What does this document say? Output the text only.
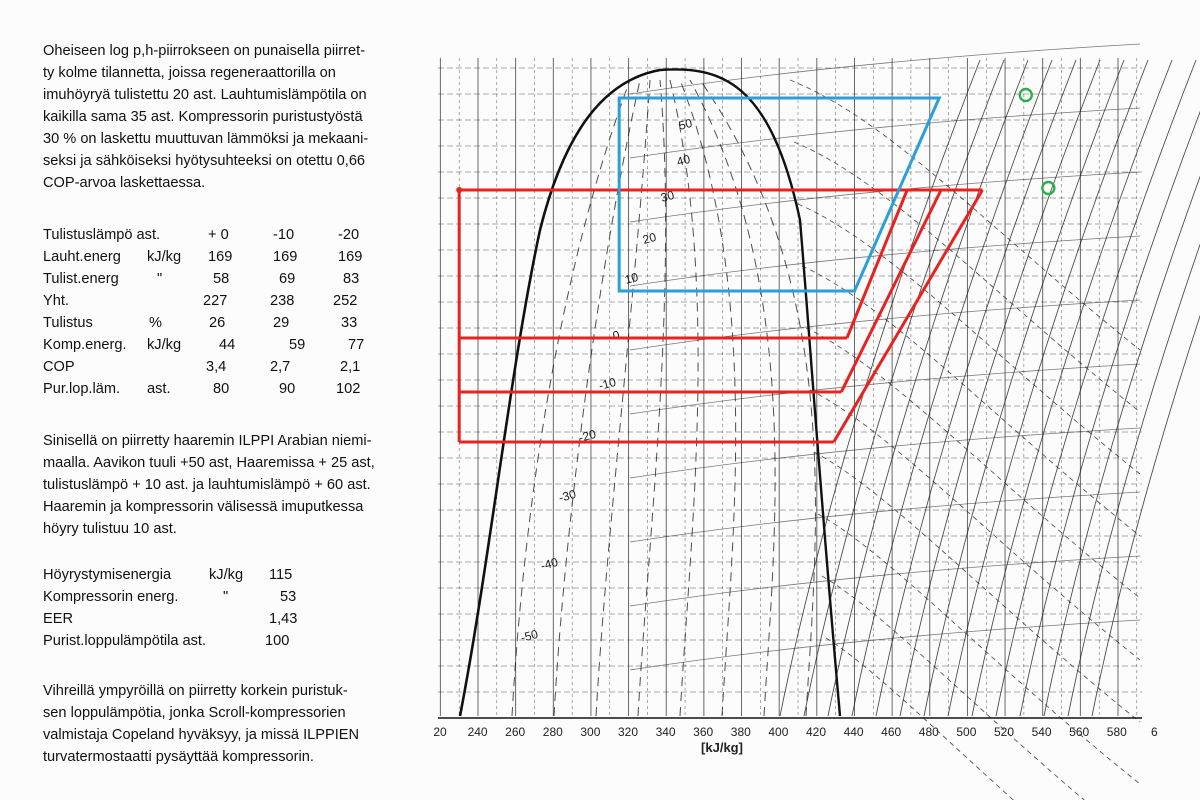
Oheiseen log p,h-piirrokseen on punaisella piirret-
ty kolme tilannetta, joissa regeneraattorilla on
imuhöyryä tulistettu 20 ast. Lauhtumislämpötila on
kaikilla sama 35 ast. Kompressorin puristustyöstä
30 % on laskettu muuttuvan lämmöksi ja mekaani-
seksi ja sähköiseksi hyötysuhteeksi on otettu 0,66
COP-arvoa laskettaessa.
Tulistuslämpö ast.	+ 0	-10	-20
Lauht.energ kJ/kg 169	169	169
Tulist.energ	"	58	69	83
Yht.	227	238	252
Tulistus	%	26	29	33
Komp.energ. kJ/kg	44	59	77
COP	3,4	2,7	2,1
Pur.lop.läm. ast.	80	90	102
Sinisellä on piirretty haaremin ILPPI Arabian niemi-
maalla. Aavikon tuuli +50 ast, Haaremissa + 25 ast,
tulistuslämpö + 10 ast. ja lauhtumislämpö + 60 ast.
Haaremin ja kompressorin välisessä imuputkessa
höyry tulistuu 10 ast.
Höyrystymisenergia	kJ/kg 115
Kompressorin energ.	"	53
EER	1,43
Purist.loppulämpötila ast.	100
Vihreillä ympyröillä on piirretty korkein puristuk-
sen loppulämpötia, jonka Scroll-kompressorien
valmistaja Copeland hyväksyy, ja missä ILPPIEN
turvatermostaatti pysäyttää kompressorin.
50
40
30
20
10
0
-10
-20
-30
-40
-50
20 240 260 280 300 320 340 360 380 400 420 440 460 480 500 520 540 560 580 6
[kJ/kg]
